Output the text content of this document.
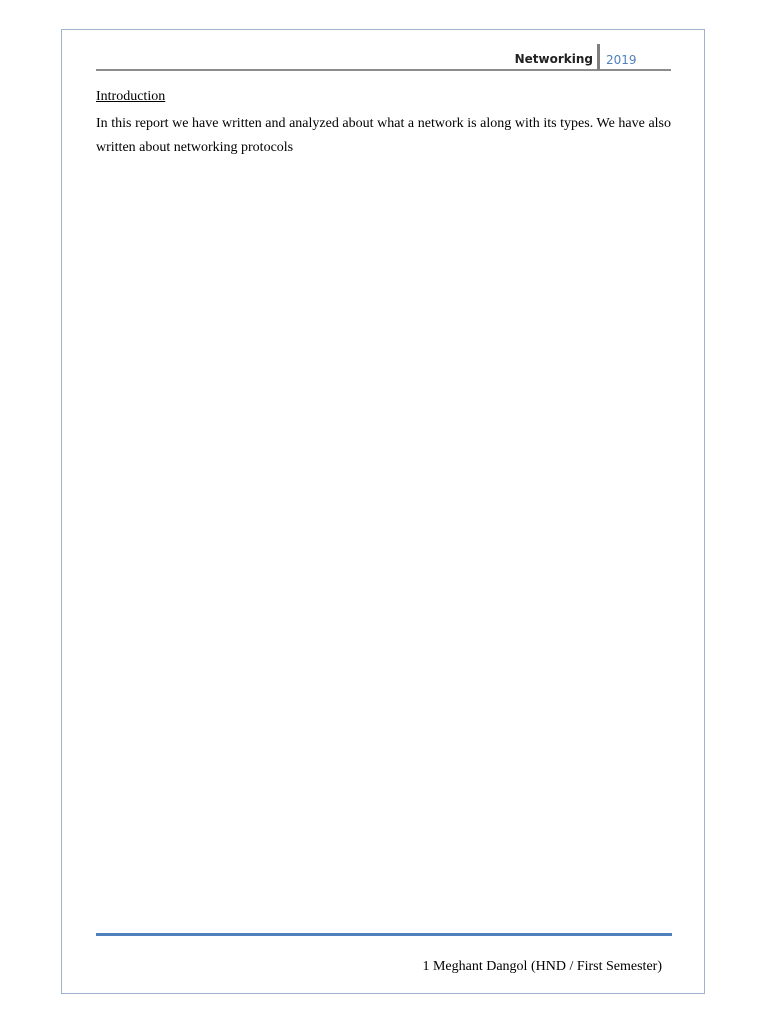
Networking 2019
Introduction
In this report we have written and analyzed about what a network is along with its types. We have also written about networking protocols
1 Meghant Dangol (HND / First Semester)
